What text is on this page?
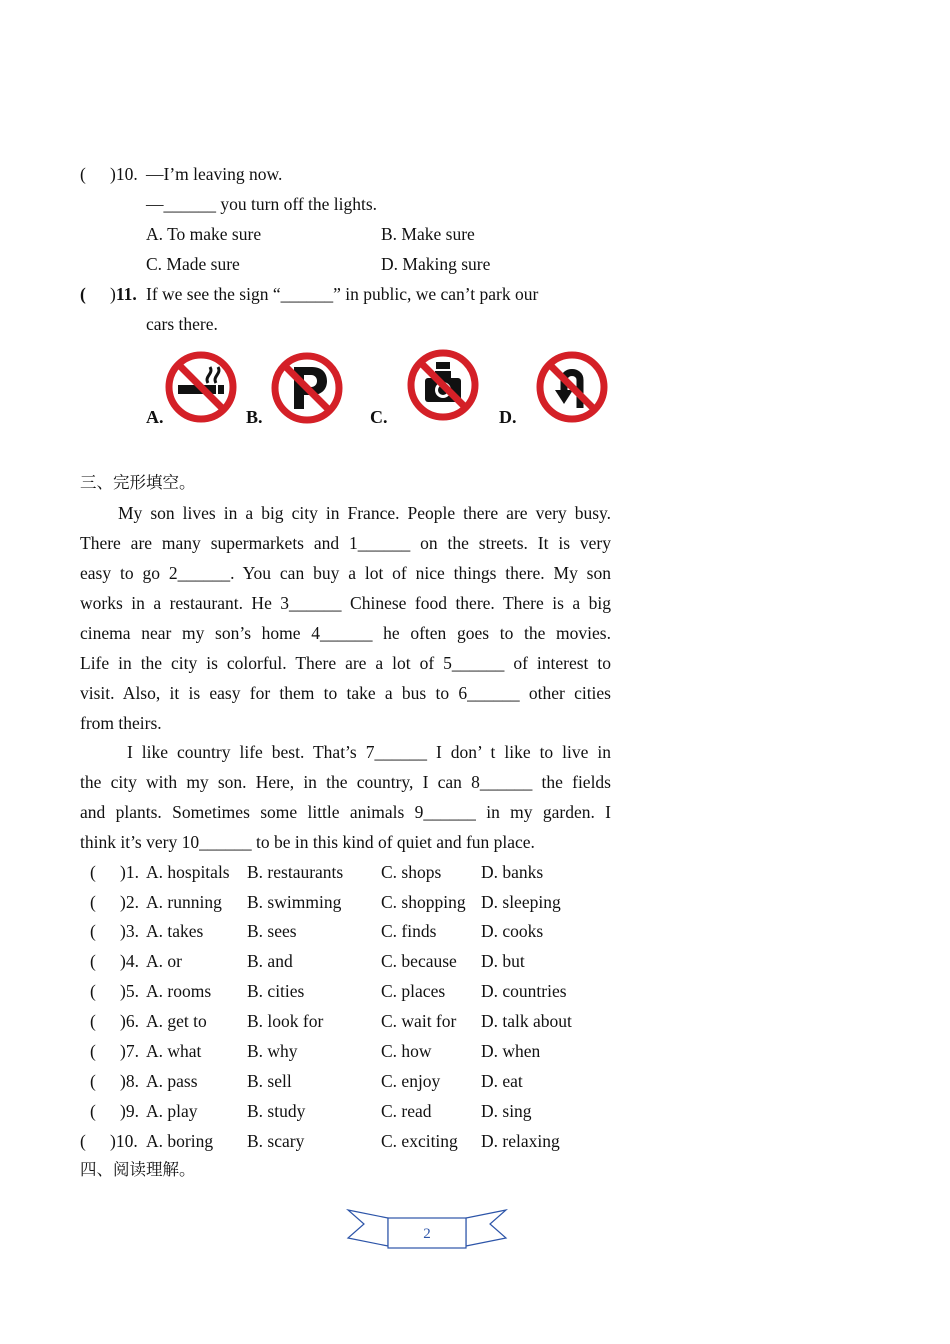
( )10. —I’m leaving now.
—______ you turn off the lights.
A. To make sure	B. Make sure
C. Made sure	D. Making sure
( )11. If we see the sign “______” in public, we can’t park our
cars there.
A.	B.	C.	D.
三、完形填空。
My son lives in a big city in France. People there are very busy.
There are many supermarkets and 1______ on the streets. It is very
easy to go 2______. You can buy a lot of nice things there. My son
works in a restaurant. He 3______ Chinese food there. There is a big
cinema near my son’s home 4______ he often goes to the movies.
Life in the city is colorful. There are a lot of 5______ of interest to
visit. Also, it is easy for them to take a bus to 6______ other cities
from theirs.
I like country life best. That’s 7______ I don’ t like to live in
the city with my son. Here, in the country, I can 8______ the fields
and plants. Sometimes some little animals 9______ in my garden. I
think it’s very 10______ to be in this kind of quiet and fun place.
( )1. A. hospitals B. restaurants C. shops D. banks
( )2. A. running B. swimming C. shopping D. sleeping
( )3. A. takes B. sees	C. finds	D. cooks
( )4. A. or	B. and	C. because D. but
( )5. A. rooms B. cities	C. places D. countries
( )6. A. get to B. look for	C. wait for D. talk about
( )7. A. what	B. why	C. how	D. when
( )8. A. pass	B. sell	C. enjoy D. eat
( )9. A. play	B. study	C. read	D. sing
( )10. A. boring B. scary	C. exciting D. relaxing
四、阅读理解。
2
